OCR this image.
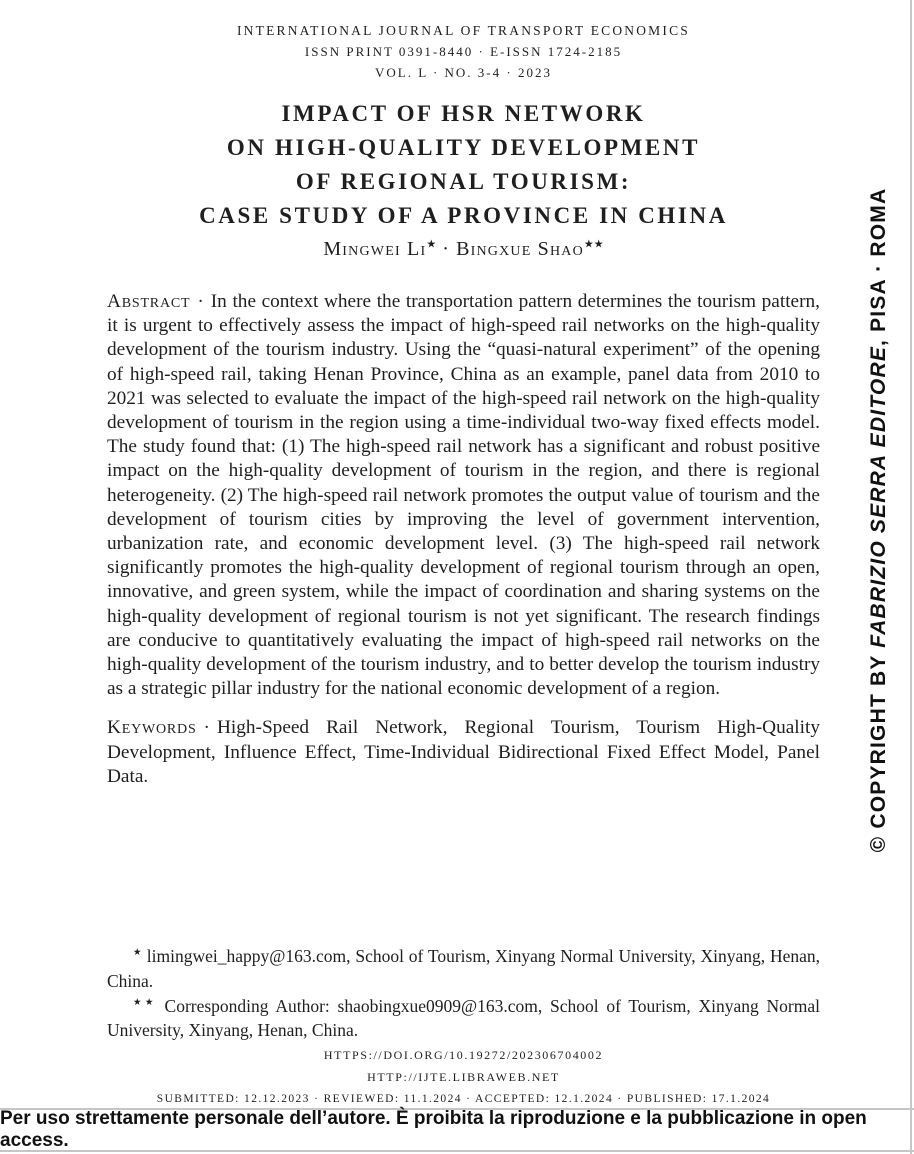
INTERNATIONAL JOURNAL OF TRANSPORT ECONOMICS
ISSN PRINT 0391-8440 · E-ISSN 1724-2185
VOL. L · NO. 3-4 · 2023
IMPACT OF HSR NETWORK
ON HIGH-QUALITY DEVELOPMENT
OF REGIONAL TOURISM:
CASE STUDY OF A PROVINCE IN CHINA
Mingwei Li★ · Bingxue Shao★★

Abstract · In the context where the transportation pattern determines the tourism pattern, it is urgent to effectively assess the impact of high-speed rail networks on the high-quality development of the tourism industry. Using the “quasi-natural experiment” of the opening of high-speed rail, taking Henan Province, China as an example, panel data from 2010 to 2021 was selected to evaluate the impact of the high-speed rail network on the high-quality development of tourism in the region using a time-individual two-way fixed effects model. The study found that: (1) The high-speed rail network has a significant and robust positive impact on the high-quality development of tourism in the region, and there is regional heterogeneity. (2) The high-speed rail network promotes the output value of tourism and the development of tourism cities by improving the level of government intervention, urbanization rate, and economic development level. (3) The high-speed rail network significantly promotes the high-quality development of regional tourism through an open, innovative, and green system, while the impact of coordination and sharing systems on the high-quality development of regional tourism is not yet significant. The research findings are conducive to quantitatively evaluating the impact of high-speed rail networks on the high-quality development of the tourism industry, and to better develop the tourism industry as a strategic pillar industry for the national economic development of a region.

Keywords · High-Speed Rail Network, Regional Tourism, Tourism High-Quality Development, Influence Effect, Time-Individual Bidirectional Fixed Effect Model, Panel Data.

★ limingwei_happy@163.com, School of Tourism, Xinyang Normal University, Xinyang, Henan, China.

★★ Corresponding Author: shaobingxue0909@163.com, School of Tourism, Xinyang Normal University, Xinyang, Henan, China.

HTTPS://DOI.ORG/10.19272/202306704002
HTTP://IJTE.LIBRAWEB.NET
SUBMITTED: 12.12.2023 · REVIEWED: 11.1.2024 · ACCEPTED: 12.1.2024 · PUBLISHED: 17.1.2024
© COPYRIGHT BY FABRIZIO SERRA EDITORE, PISA · ROMA
Per uso strettamente personale dell’autore. È proibita la riproduzione e la pubblicazione in open access.
